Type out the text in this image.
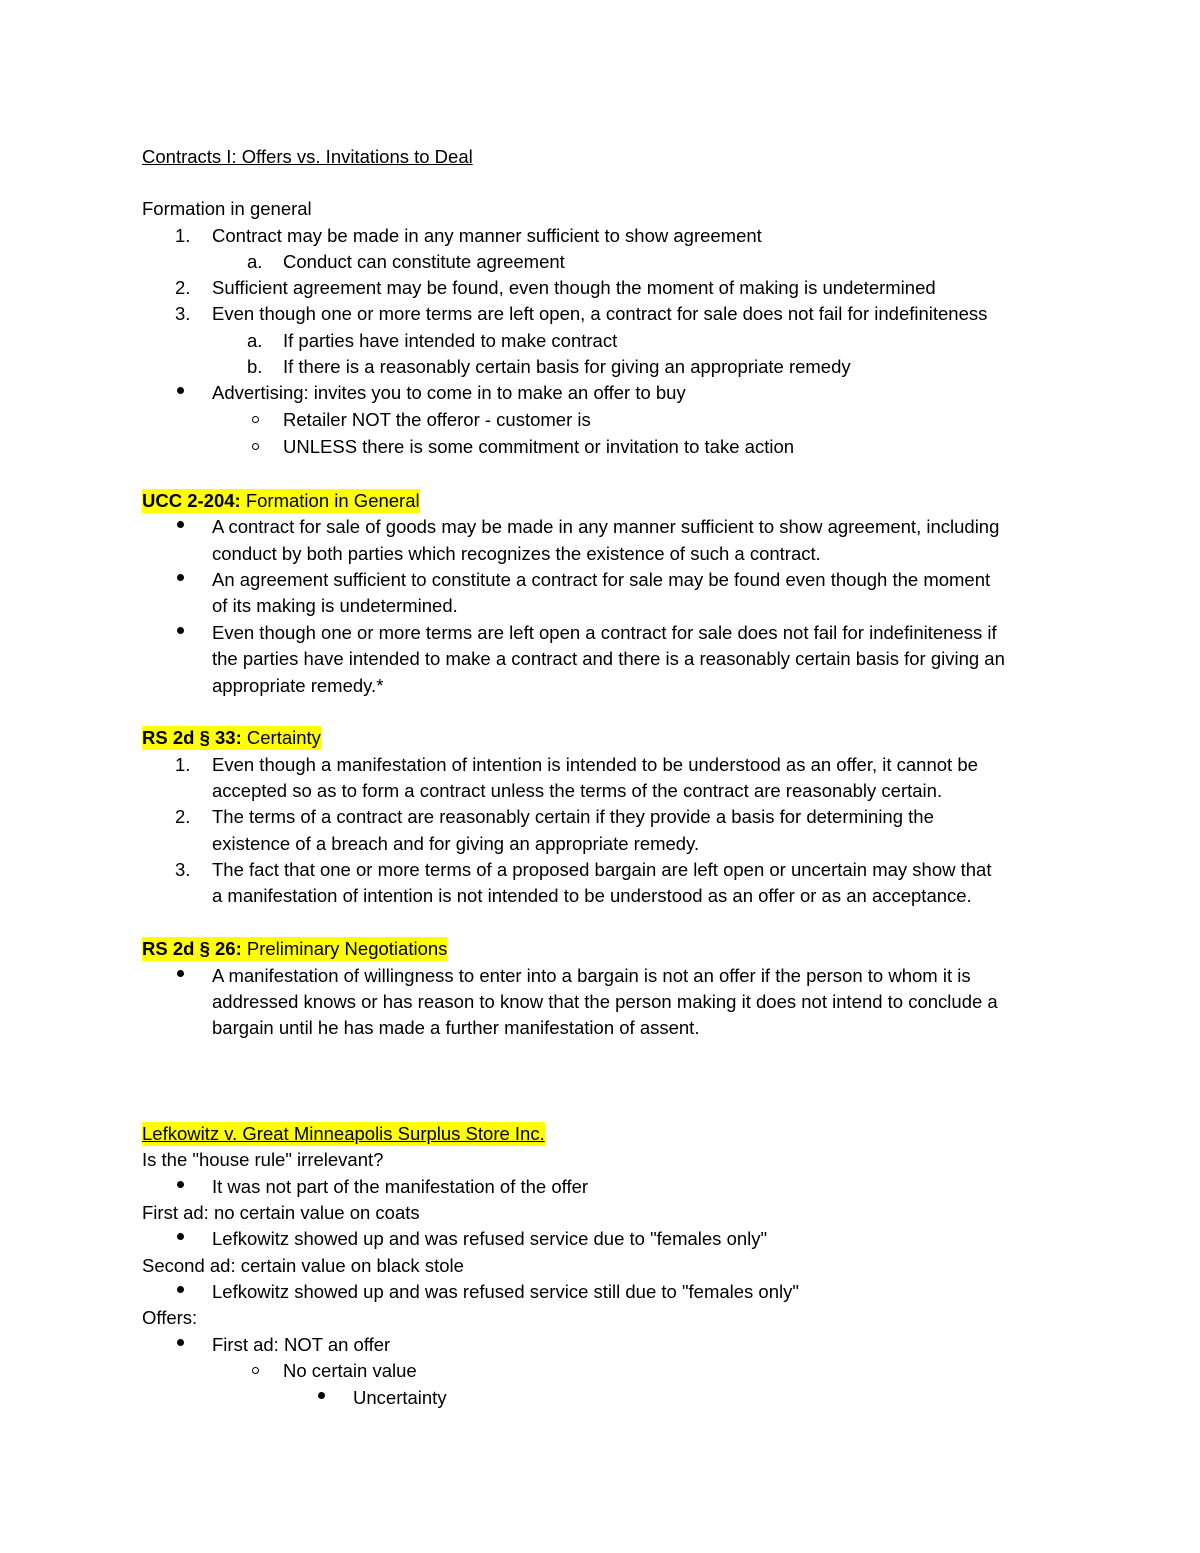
Contracts I: Offers vs. Invitations to Deal
Formation in general
1. Contract may be made in any manner sufficient to show agreement
a. Conduct can constitute agreement
2. Sufficient agreement may be found, even though the moment of making is undetermined
3. Even though one or more terms are left open, a contract for sale does not fail for indefiniteness
a. If parties have intended to make contract
b. If there is a reasonably certain basis for giving an appropriate remedy
Advertising: invites you to come in to make an offer to buy
Retailer NOT the offeror - customer is
UNLESS there is some commitment or invitation to take action
UCC 2-204: Formation in General
A contract for sale of goods may be made in any manner sufficient to show agreement, including
conduct by both parties which recognizes the existence of such a contract.
An agreement sufficient to constitute a contract for sale may be found even though the moment
of its making is undetermined.
Even though one or more terms are left open a contract for sale does not fail for indefiniteness if
the parties have intended to make a contract and there is a reasonably certain basis for giving an
appropriate remedy.*
RS 2d § 33: Certainty
1. Even though a manifestation of intention is intended to be understood as an offer, it cannot be
accepted so as to form a contract unless the terms of the contract are reasonably certain.
2. The terms of a contract are reasonably certain if they provide a basis for determining the
existence of a breach and for giving an appropriate remedy.
3. The fact that one or more terms of a proposed bargain are left open or uncertain may show that
a manifestation of intention is not intended to be understood as an offer or as an acceptance.
RS 2d § 26: Preliminary Negotiations
A manifestation of willingness to enter into a bargain is not an offer if the person to whom it is
addressed knows or has reason to know that the person making it does not intend to conclude a
bargain until he has made a further manifestation of assent.
Lefkowitz v. Great Minneapolis Surplus Store Inc.
Is the "house rule" irrelevant?
It was not part of the manifestation of the offer
First ad: no certain value on coats
Lefkowitz showed up and was refused service due to "females only"
Second ad: certain value on black stole
Lefkowitz showed up and was refused service still due to "females only"
Offers:
First ad: NOT an offer
No certain value
Uncertainty
